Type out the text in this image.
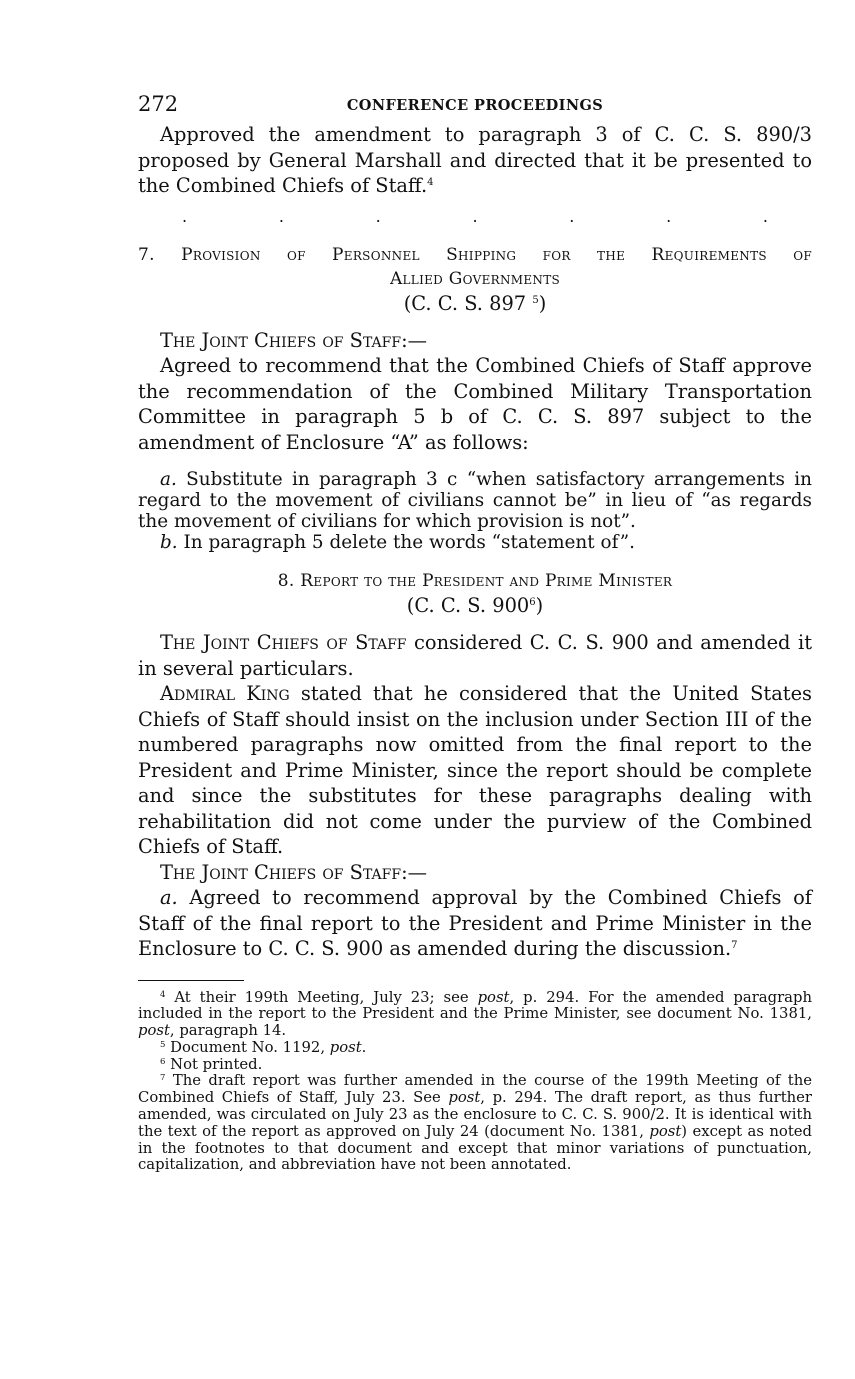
272	CONFERENCE PROCEEDINGS

Approved the amendment to paragraph 3 of C. C. S. 890/3 proposed by General Marshall and directed that it be presented to the Combined Chiefs of Staff.$^4$

.	.	.	.	.	.	.

7. Provision of Personnel Shipping for the Requirements of

Allied Governments

(C. C. S. 897 $^5$)

The Joint Chiefs of Staff:—

Agreed to recommend that the Combined Chiefs of Staff approve the recommendation of the Combined Military Transportation Committee in paragraph 5 b of C. C. S. 897 subject to the amendment of Enclosure “A” as follows:

a. Substitute in paragraph 3 c “when satisfactory arrangements in regard to the movement of civilians cannot be” in lieu of “as regards the movement of civilians for which provision is not”.

b. In paragraph 5 delete the words “statement of”.

8. Report to the President and Prime Minister

(C. C. S. $900^6$)

The Joint Chiefs of Staff considered C. C. S. 900 and amended it in several particulars.

Admiral King stated that he considered that the United States Chiefs of Staff should insist on the inclusion under Section III of the numbered paragraphs now omitted from the final report to the President and Prime Minister, since the report should be complete and since the substitutes for these paragraphs dealing with rehabilitation did not come under the purview of the Combined Chiefs of Staff.

The Joint Chiefs of Staff:—

a. Agreed to recommend approval by the Combined Chiefs of Staff of the final report to the President and Prime Minister in the Enclosure to C. C. S. 900 as amended during the discussion.$^7$

$^4$ At their 199th Meeting, July 23; see post, p. 294. For the amended paragraph included in the report to the President and the Prime Minister, see document No. 1381, post, paragraph 14.

$^5$ Document No. 1192, post.

$^6$ Not printed.

$^7$ The draft report was further amended in the course of the 199th Meeting of the Combined Chiefs of Staff, July 23. See post, p. 294. The draft report, as thus further amended, was circulated on July 23 as the enclosure to C. C. S. 900/2. It is identical with the text of the report as approved on July 24 (document No. 1381, post) except as noted in the footnotes to that document and except that minor variations of punctuation, capitalization, and abbreviation have not been annotated.
